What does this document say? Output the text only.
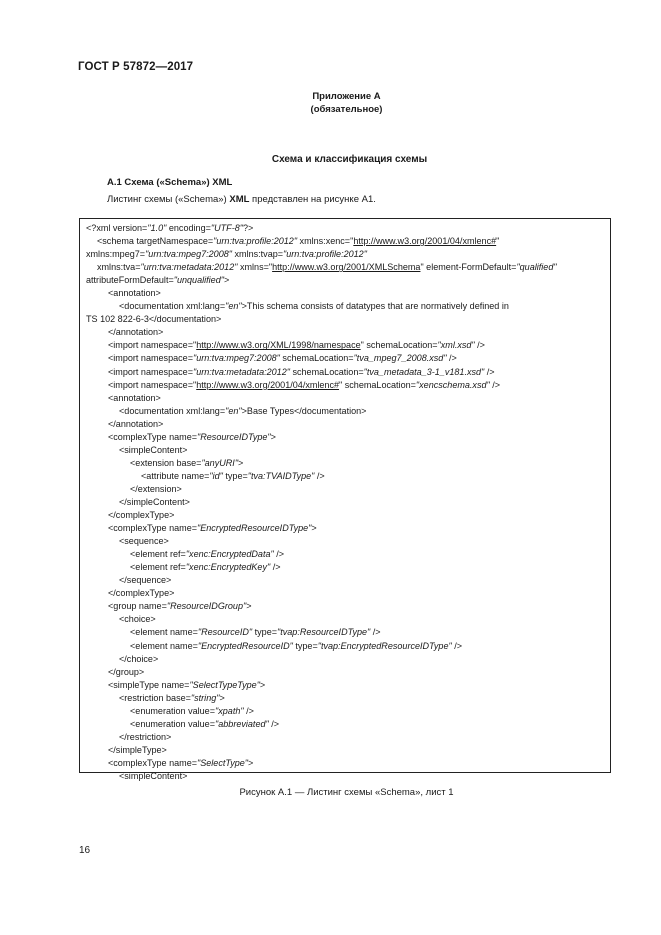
ГОСТ Р 57872—2017
Приложение А
(обязательное)
Схема и классификация схемы
А.1 Схема («Schema») XML
Листинг схемы («Schema») XML представлен на рисунке А1.
<?xml version="1.0" encoding="UTF-8"?>
<schema targetNamespace="urn:tva:profile:2012" xmlns:xenc="http://www.w3.org/2001/04/xmlenc#"
xmlns:mpeg7="urn:tva:mpeg7:2008" xmlns:tvap="urn:tva:profile:2012"
xmlns:tva="urn:tva:metadata:2012" xmlns="http://www.w3.org/2001/XMLSchema" element-FormDefault="qualified"
attributeFormDefault="unqualified">
<annotation>
<documentation xml:lang="en">This schema consists of datatypes that are normatively defined in
TS 102 822-6-3</documentation>
</annotation>
<import namespace="http://www.w3.org/XML/1998/namespace" schemaLocation="xml.xsd" />
<import namespace="urn:tva:mpeg7:2008" schemaLocation="tva_mpeg7_2008.xsd" />
<import namespace="urn:tva:metadata:2012" schemaLocation="tva_metadata_3-1_v181.xsd" />
<import namespace="http://www.w3.org/2001/04/xmlenc#" schemaLocation="xencschema.xsd" />
<annotation>
<documentation xml:lang="en">Base Types</documentation>
</annotation>
<complexType name="ResourceIDType">
<simpleContent>
<extension base="anyURI">
<attribute name="id" type="tva:TVAIDType" />
</extension>
</simpleContent>
</complexType>
<complexType name="EncryptedResourceIDType">
<sequence>
<element ref="xenc:EncryptedData" />
<element ref="xenc:EncryptedKey" />
</sequence>
</complexType>
<group name="ResourceIDGroup">
<choice>
<element name="ResourceID" type="tvap:ResourceIDType" />
<element name="EncryptedResourceID" type="tvap:EncryptedResourceIDType" />
</choice>
</group>
<simpleType name="SelectTypeType">
<restriction base="string">
<enumeration value="xpath" />
<enumeration value="abbreviated" />
</restriction>
</simpleType>
<complexType name="SelectType">
<simpleContent>
Рисунок А.1 — Листинг схемы «Schema», лист 1
16
